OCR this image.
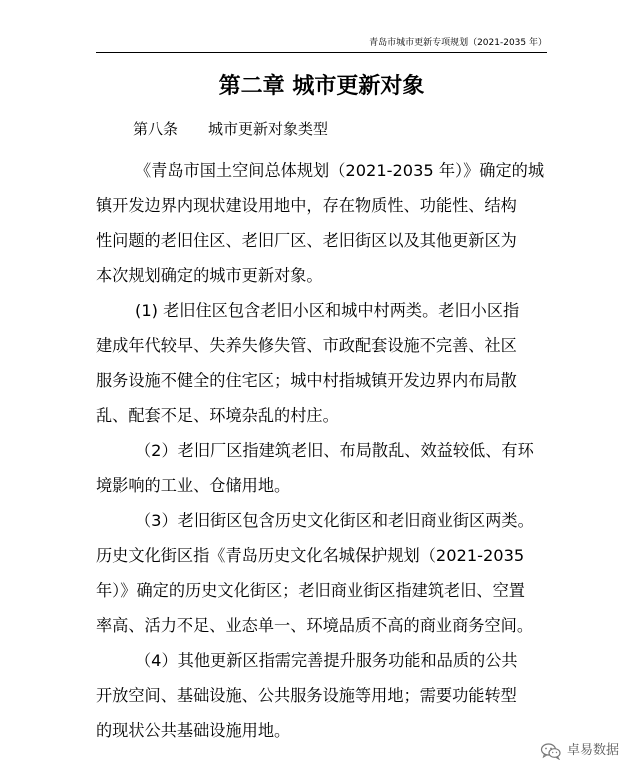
青岛市城市更新专项规划（2021-2035 年）
第二章 城市更新对象
第八条 城市更新对象类型
《青岛市国土空间总体规划（2021-2035 年）》确定的城
镇开发边界内现状建设用地中，存在物质性、功能性、结构
性问题的老旧住区、老旧厂区、老旧街区以及其他更新区为
本次规划确定的城市更新对象。
(1) 老旧住区包含老旧小区和城中村两类。老旧小区指
建成年代较早、失养失修失管、市政配套设施不完善、社区
服务设施不健全的住宅区；城中村指城镇开发边界内布局散
乱、配套不足、环境杂乱的村庄。
（2）老旧厂区指建筑老旧、布局散乱、效益较低、有环
境影响的工业、仓储用地。
（3）老旧街区包含历史文化街区和老旧商业街区两类。
历史文化街区指《青岛历史文化名城保护规划（2021-2035
年）》确定的历史文化街区；老旧商业街区指建筑老旧、空置
率高、活力不足、业态单一、环境品质不高的商业商务空间。
（4）其他更新区指需完善提升服务功能和品质的公共
开放空间、基础设施、公共服务设施等用地；需要功能转型
的现状公共基础设施用地。
卓易数据
